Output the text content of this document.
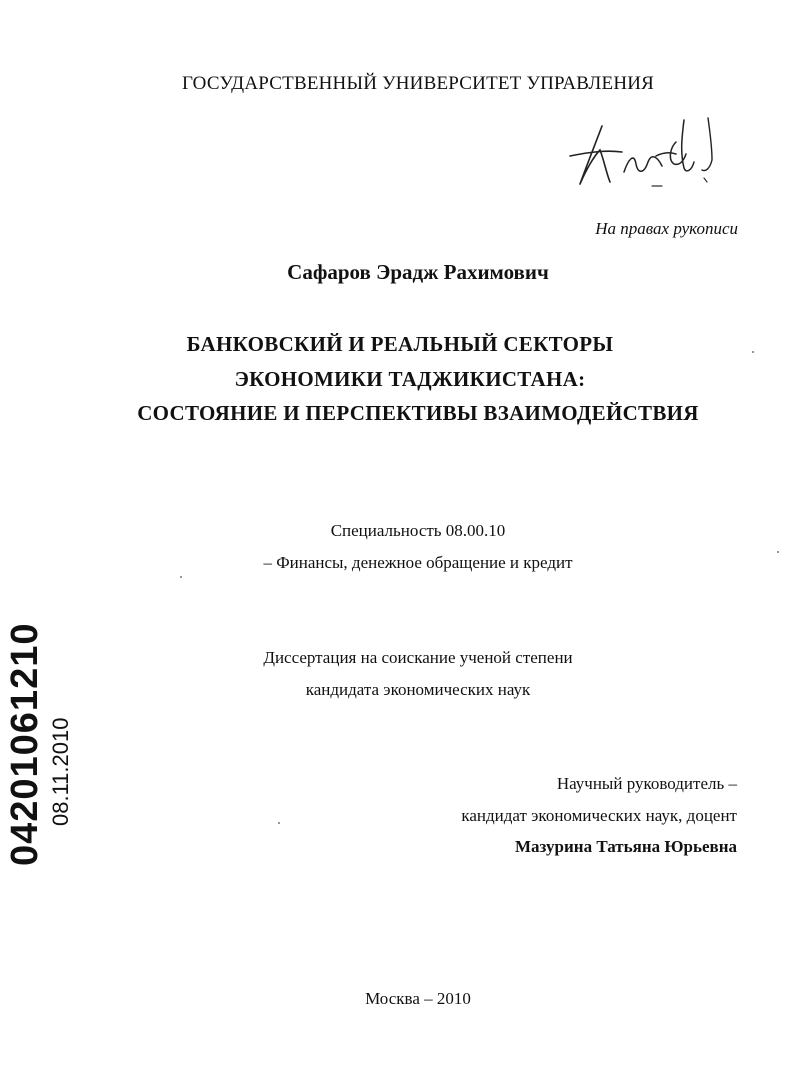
ГОСУДАРСТВЕННЫЙ УНИВЕРСИТЕТ УПРАВЛЕНИЯ
На правах рукописи
Сафаров Эрадж Рахимович
БАНКОВСКИЙ И РЕАЛЬНЫЙ СЕКТОРЫ
ЭКОНОМИКИ ТАДЖИКИСТАНА:
СОСТОЯНИЕ И ПЕРСПЕКТИВЫ ВЗАИМОДЕЙСТВИЯ
Специальность 08.00.10
– Финансы, денежное обращение и кредит
Диссертация на соискание ученой степени
кандидата экономических наук
Научный руководитель –
кандидат экономических наук, доцент
Мазурина Татьяна Юрьевна
Москва – 2010
04201061210 08.11.2010
